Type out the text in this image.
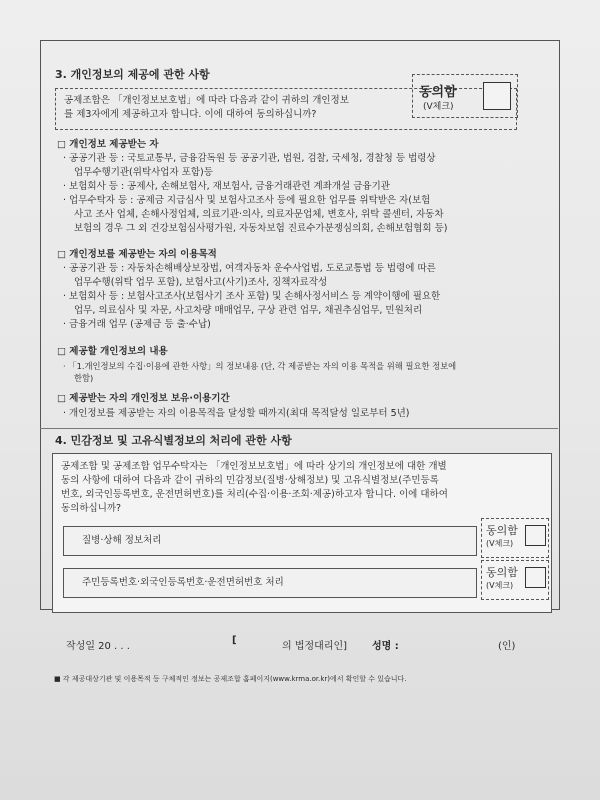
3. 개인정보의 제공에 관한 사항
공제조합은 「개인정보보호법」에 따라 다음과 같이 귀하의 개인정보
를 제3자에게 제공하고자 합니다. 이에 대하여 동의하십니까?
동의함
(V체크)
□ 개인정보 제공받는 자
· 공공기관 등 : 국토교통부, 금융감독원 등 공공기관, 법원, 검찰, 국세청, 경찰청 등 법령상
업무수행기관(위탁사업자 포함)등
· 보험회사 등 : 공제사, 손해보험사, 재보험사, 금융거래관련 계좌개설 금융기관
· 업무수탁자 등 : 공제금 지급심사 및 보험사고조사 등에 필요한 업무를 위탁받은 자(보험
사고 조사 업체, 손해사정업체, 의료기관·의사, 의료자문업체, 변호사, 위탁 콜센터, 자동차
보험의 경우 그 외 건강보험심사평가원, 자동차보험 진료수가분쟁심의회, 손해보험협회 등)
□ 개인정보를 제공받는 자의 이용목적
· 공공기관 등 : 자동차손해배상보장법, 여객자동차 운수사업법, 도로교통법 등 법령에 따른
업무수행(위탁 업무 포함), 보험사고(사기)조사, 징책자료작성
· 보험회사 등 : 보험사고조사(보험사기 조사 포함) 및 손해사정서비스 등 계약이행에 필요한
업무, 의료심사 및 자문, 사고차량 매매업무, 구상 관련 업무, 채권추심업무, 민원처리
· 금융거래 업무 (공제금 등 출·수납)
□ 제공할 개인정보의 내용
· 「1.개인정보의 수집·이용에 관한 사항」의 정보내용 (단, 각 제공받는 자의 이용 목적을 위해 필요한 정보에
한함)
□ 제공받는 자의 개인정보 보유·이용기간
· 개인정보를 제공받는 자의 이용목적을 달성할 때까지(최대 목적달성 일로부터 5년)
4. 민감정보 및 고유식별정보의 처리에 관한 사항
공제조합 및 공제조합 업무수탁자는 「개인정보보호법」에 따라 상기의 개인정보에 대한 개별
동의 사항에 대하여 다음과 같이 귀하의 민감정보(질병·상해정보) 및 고유식별정보(주민등록
번호, 외국인등록번호, 운전면허번호)를 처리(수집·이용·조회·제공)하고자 합니다. 이에 대하여
동의하십니까?
질병·상해 정보처리
동의함
(V체크)
주민등록번호·외국인등록번호·운전면허번호 처리
동의함
(V체크)
작성일 20 . . .
[
의 법정대리인] 성명 :	(인)
■ 각 제공대상기관 및 이용목적 등 구체적인 정보는 공제조합 홈페이지(www.krma.or.kr)에서 확인할 수 있습니다.
